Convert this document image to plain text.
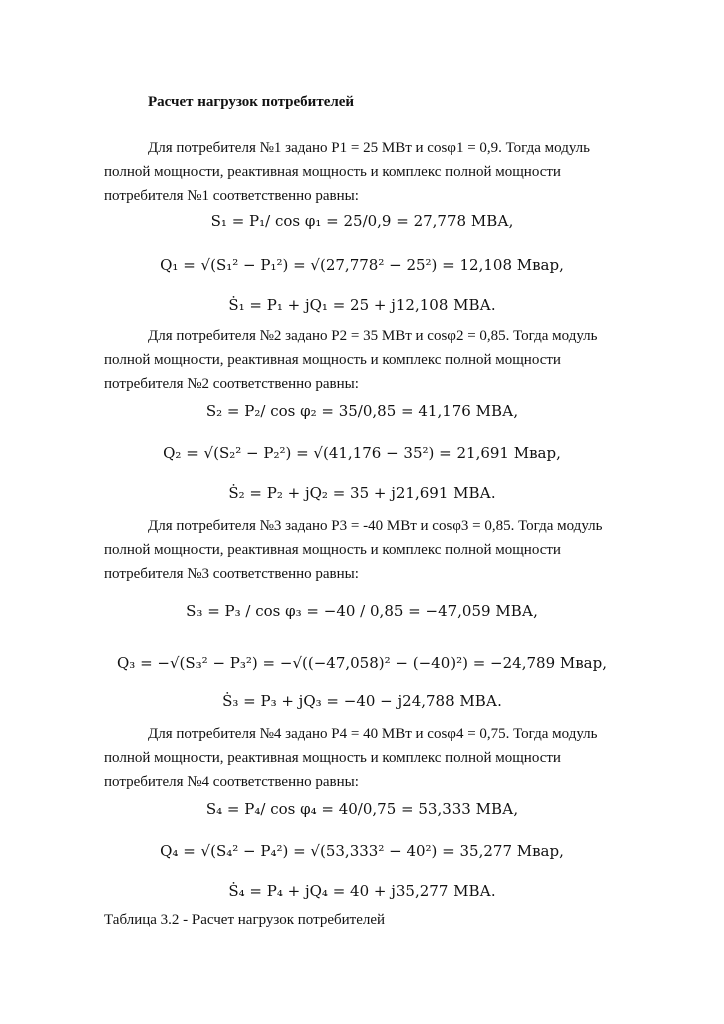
Расчет нагрузок потребителей
Для потребителя №1 задано P1 = 25 МВт и cosφ1 = 0,9. Тогда модуль
полной мощности, реактивная мощность и комплекс полной мощности
потребителя №1 соответственно равны:
S₁ = P₁/ cos φ₁ = 25/0,9 = 27,778 МВА,
Q₁ = √(S₁² − P₁²) = √(27,778² − 25²) = 12,108 Мвар,
Ṡ₁ = P₁ + jQ₁ = 25 + j12,108 МВА.
Для потребителя №2 задано P2 = 35 МВт и cosφ2 = 0,85. Тогда модуль
полной мощности, реактивная мощность и комплекс полной мощности
потребителя №2 соответственно равны:
S₂ = P₂/ cos φ₂ = 35/0,85 = 41,176 МВА,
Q₂ = √(S₂² − P₂²) = √(41,176 − 35²) = 21,691 Мвар,
Ṡ₂ = P₂ + jQ₂ = 35 + j21,691 МВА.
Для потребителя №3 задано P3 = -40 МВт и cosφ3 = 0,85. Тогда модуль
полной мощности, реактивная мощность и комплекс полной мощности
потребителя №3 соответственно равны:
S₃ = P₃ / cos φ₃ = −40 / 0,85 = −47,059 МВА,
Q₃ = −√(S₃² − P₃²) = −√((−47,058)² − (−40)²) = −24,789 Мвар,
Ṡ₃ = P₃ + jQ₃ = −40 − j24,788 МВА.
Для потребителя №4 задано P4 = 40 МВт и cosφ4 = 0,75. Тогда модуль
полной мощности, реактивная мощность и комплекс полной мощности
потребителя №4 соответственно равны:
S₄ = P₄/ cos φ₄ = 40/0,75 = 53,333 МВА,
Q₄ = √(S₄² − P₄²) = √(53,333² − 40²) = 35,277 Мвар,
Ṡ₄ = P₄ + jQ₄ = 40 + j35,277 МВА.
Таблица 3.2 - Расчет нагрузок потребителей
